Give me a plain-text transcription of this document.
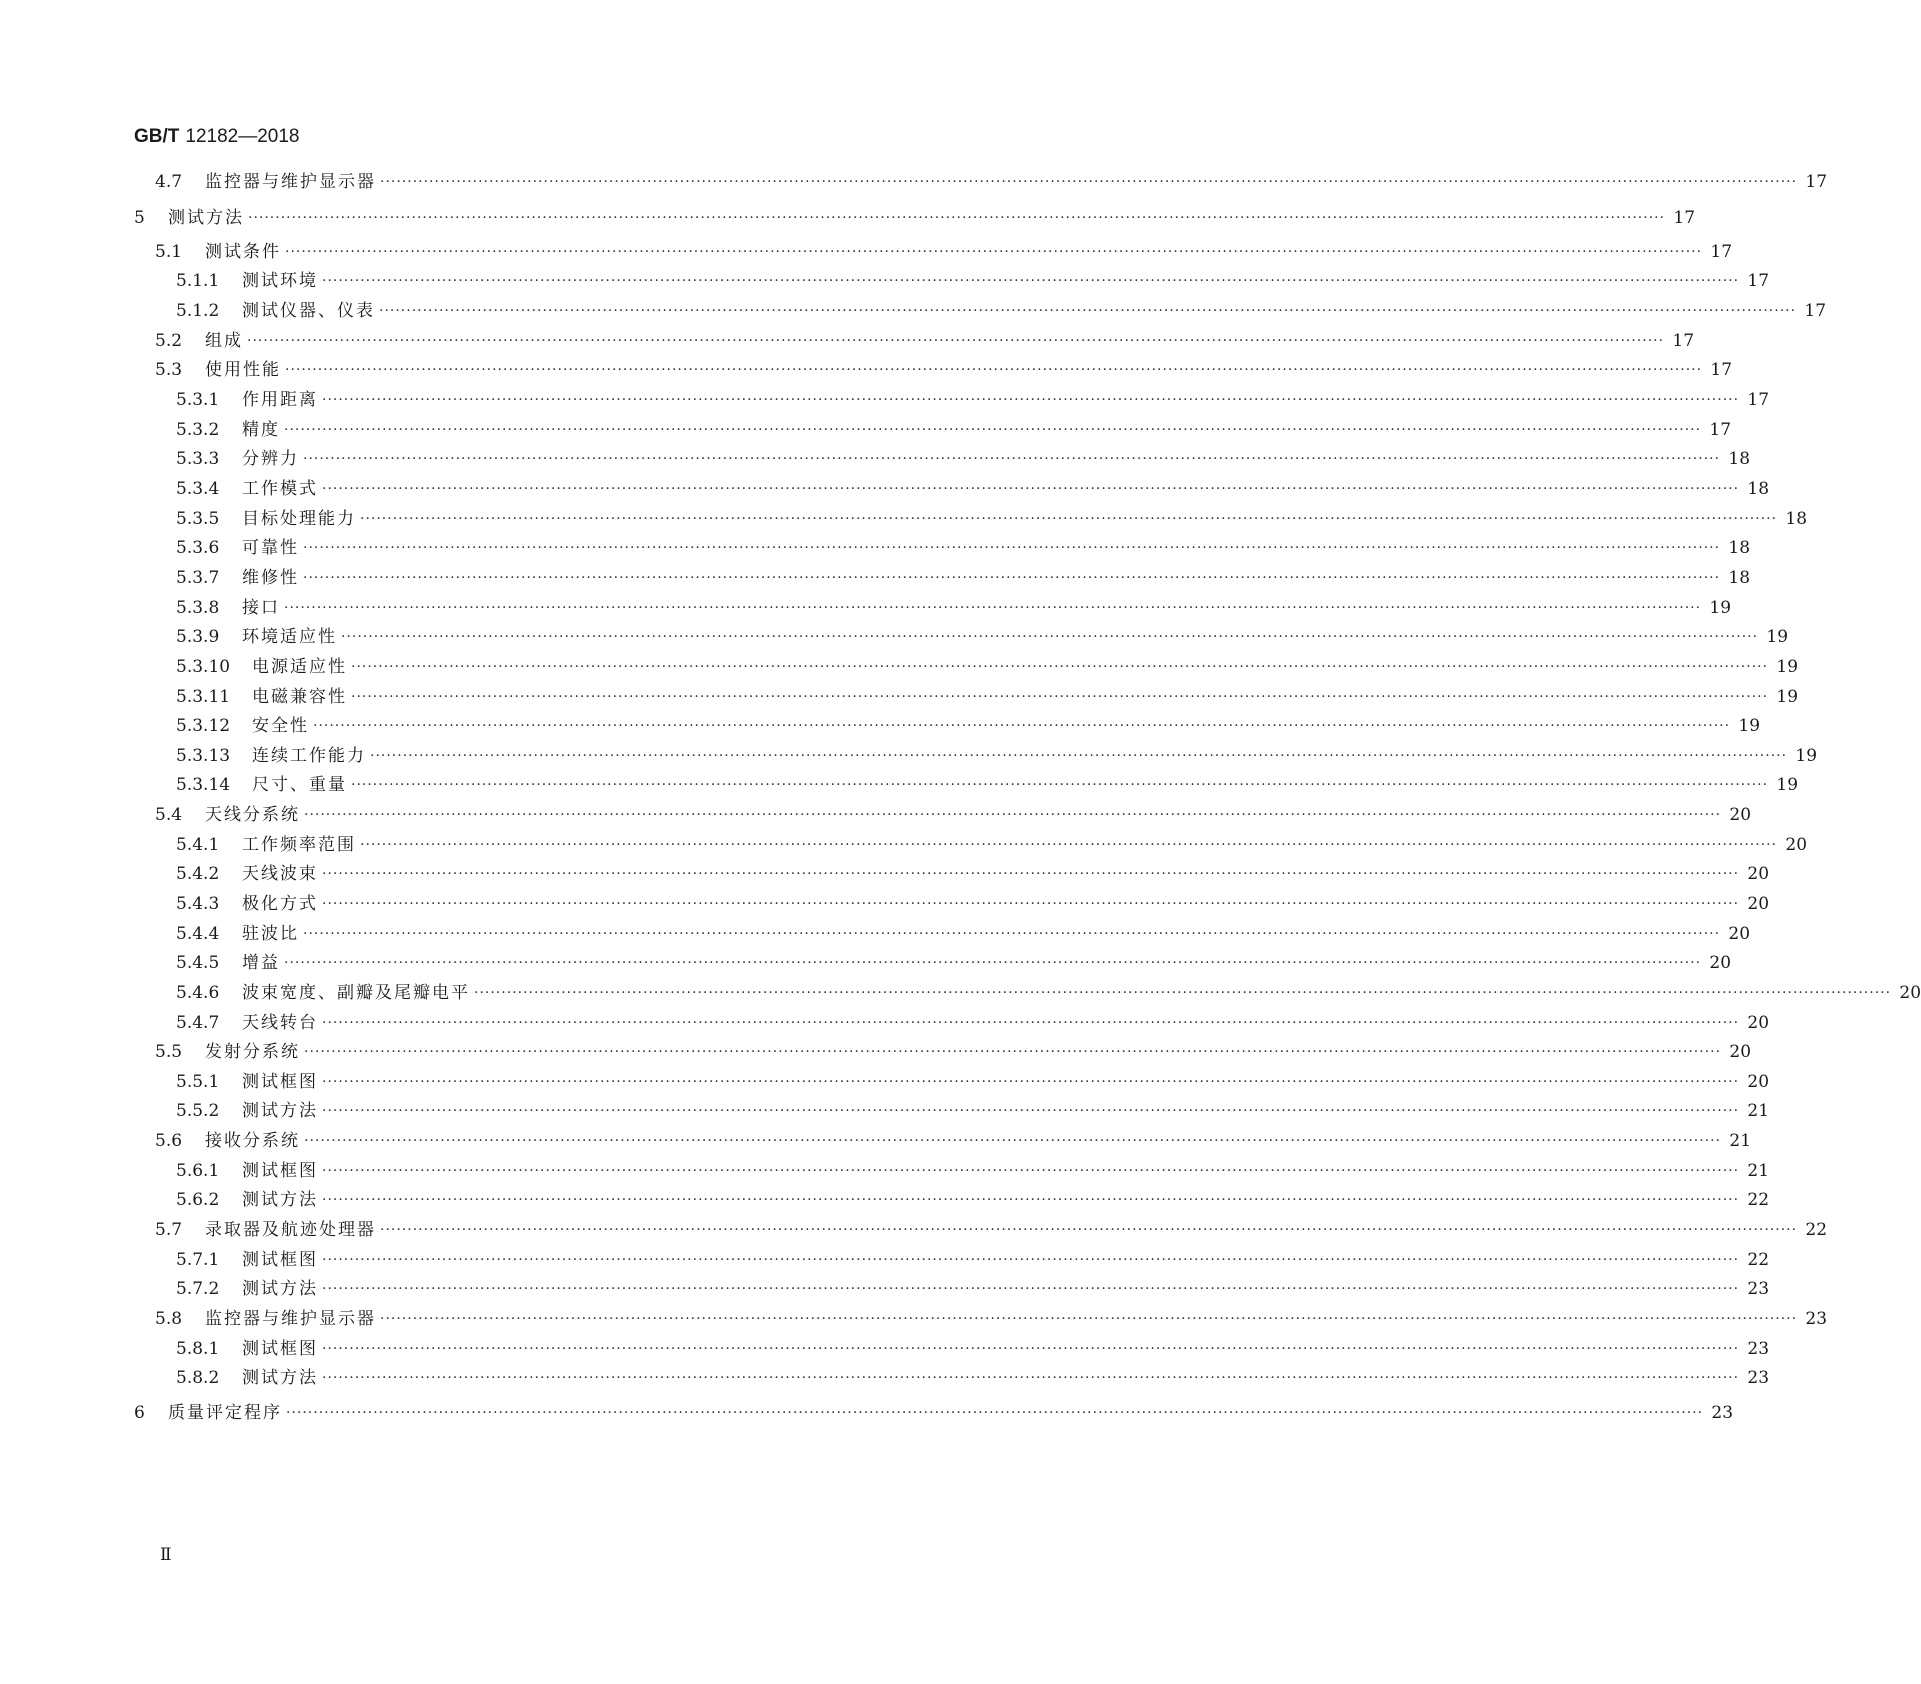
GB/T 12182—2018
4.7	监控器与维护显示器 ···································································································································································································································································· 17
5	测试方法 ···································································································································································································································································· 17
5.1	测试条件 ···································································································································································································································································· 17
5.1.1	测试环境 ···································································································································································································································································· 17
5.1.2	测试仪器、仪表 ···································································································································································································································································· 17
5.2	组成 ···································································································································································································································································· 17
5.3	使用性能 ···································································································································································································································································· 17
5.3.1	作用距离 ···································································································································································································································································· 17
5.3.2	精度 ···································································································································································································································································· 17
5.3.3	分辨力 ···································································································································································································································································· 18
5.3.4	工作模式 ···································································································································································································································································· 18
5.3.5	目标处理能力 ···································································································································································································································································· 18
5.3.6	可靠性 ···································································································································································································································································· 18
5.3.7	维修性 ···································································································································································································································································· 18
5.3.8	接口 ···································································································································································································································································· 19
5.3.9	环境适应性 ···································································································································································································································································· 19
5.3.10	电源适应性 ···································································································································································································································································· 19
5.3.11	电磁兼容性 ···································································································································································································································································· 19
5.3.12	安全性 ···································································································································································································································································· 19
5.3.13	连续工作能力 ···································································································································································································································································· 19
5.3.14	尺寸、重量 ···································································································································································································································································· 19
5.4	天线分系统 ···································································································································································································································································· 20
5.4.1	工作频率范围 ···································································································································································································································································· 20
5.4.2	天线波束 ···································································································································································································································································· 20
5.4.3	极化方式 ···································································································································································································································································· 20
5.4.4	驻波比 ···································································································································································································································································· 20
5.4.5	增益 ···································································································································································································································································· 20
5.4.6	波束宽度、副瓣及尾瓣电平 ···································································································································································································································································· 20
5.4.7	天线转台 ···································································································································································································································································· 20
5.5	发射分系统 ···································································································································································································································································· 20
5.5.1	测试框图 ···································································································································································································································································· 20
5.5.2	测试方法 ···································································································································································································································································· 21
5.6	接收分系统 ···································································································································································································································································· 21
5.6.1	测试框图 ···································································································································································································································································· 21
5.6.2	测试方法 ···································································································································································································································································· 22
5.7	录取器及航迹处理器 ···································································································································································································································································· 22
5.7.1	测试框图 ···································································································································································································································································· 22
5.7.2	测试方法 ···································································································································································································································································· 23
5.8	监控器与维护显示器 ···································································································································································································································································· 23
5.8.1	测试框图 ···································································································································································································································································· 23
5.8.2	测试方法 ···································································································································································································································································· 23
6	质量评定程序 ···································································································································································································································································· 23
Ⅱ
